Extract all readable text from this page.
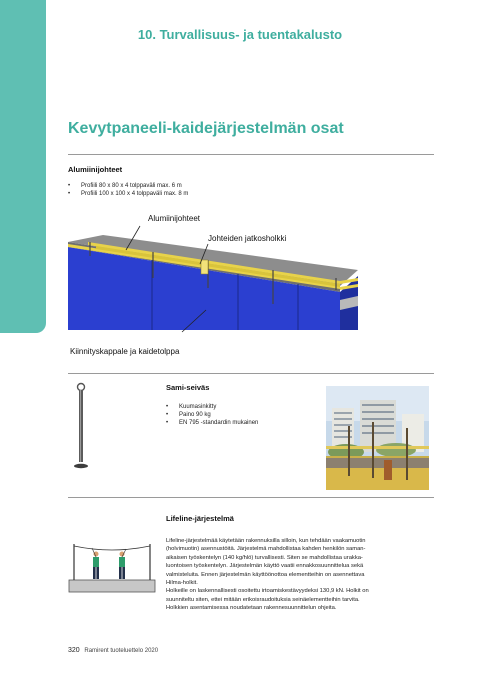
10. Turvallisuus- ja tuentakalusto
Kevytpaneeli-kaidejärjestelmän osat
Alumiinijohteet
• Profiili 80 x 80 x 4 tolppaväli max. 6 m
• Profiili 100 x 100 x 4 tolppaväli max. 8 m
Alumiinijohteet
Johteiden jatkosholkki
Kiinnityskappale ja kaidetolppa
Sami-seiväs
• Kuumasinkitty
• Paino 90 kg
• EN 795 -standardin mukainen
Lifeline-järjestelmä
Lifeline-järjestelmää käytetään rakennuksilla silloin, kun tehdään vaakamuotin
(holvimuotin) asennustöitä. Järjestelmä mahdollistaa kahden henkilön saman-
aikaisen työskentelyn (140 kg/hlö) turvallisesti. Siten se mahdollistaa urakka-
luontoisen työskentelyn. Järjestelmän käyttö vaatii ennakkosuunnittelua sekä
valmisteluita. Ennen järjestelmän käyttöönottoa elementteihin on asennettava
Hilma-holkit.
Holkeille on laskennallisesti osoitettu irtoamiskestävyydeksi 130,9 kN. Holkit on
suunniteltu siten, ettei mitään erikoisraudoituksia seinäelementteihin tarvita.
Holkkien asentamisessa noudatetaan rakennesuunnittelun ohjeita.
320 Ramirent tuoteluettelo 2020
